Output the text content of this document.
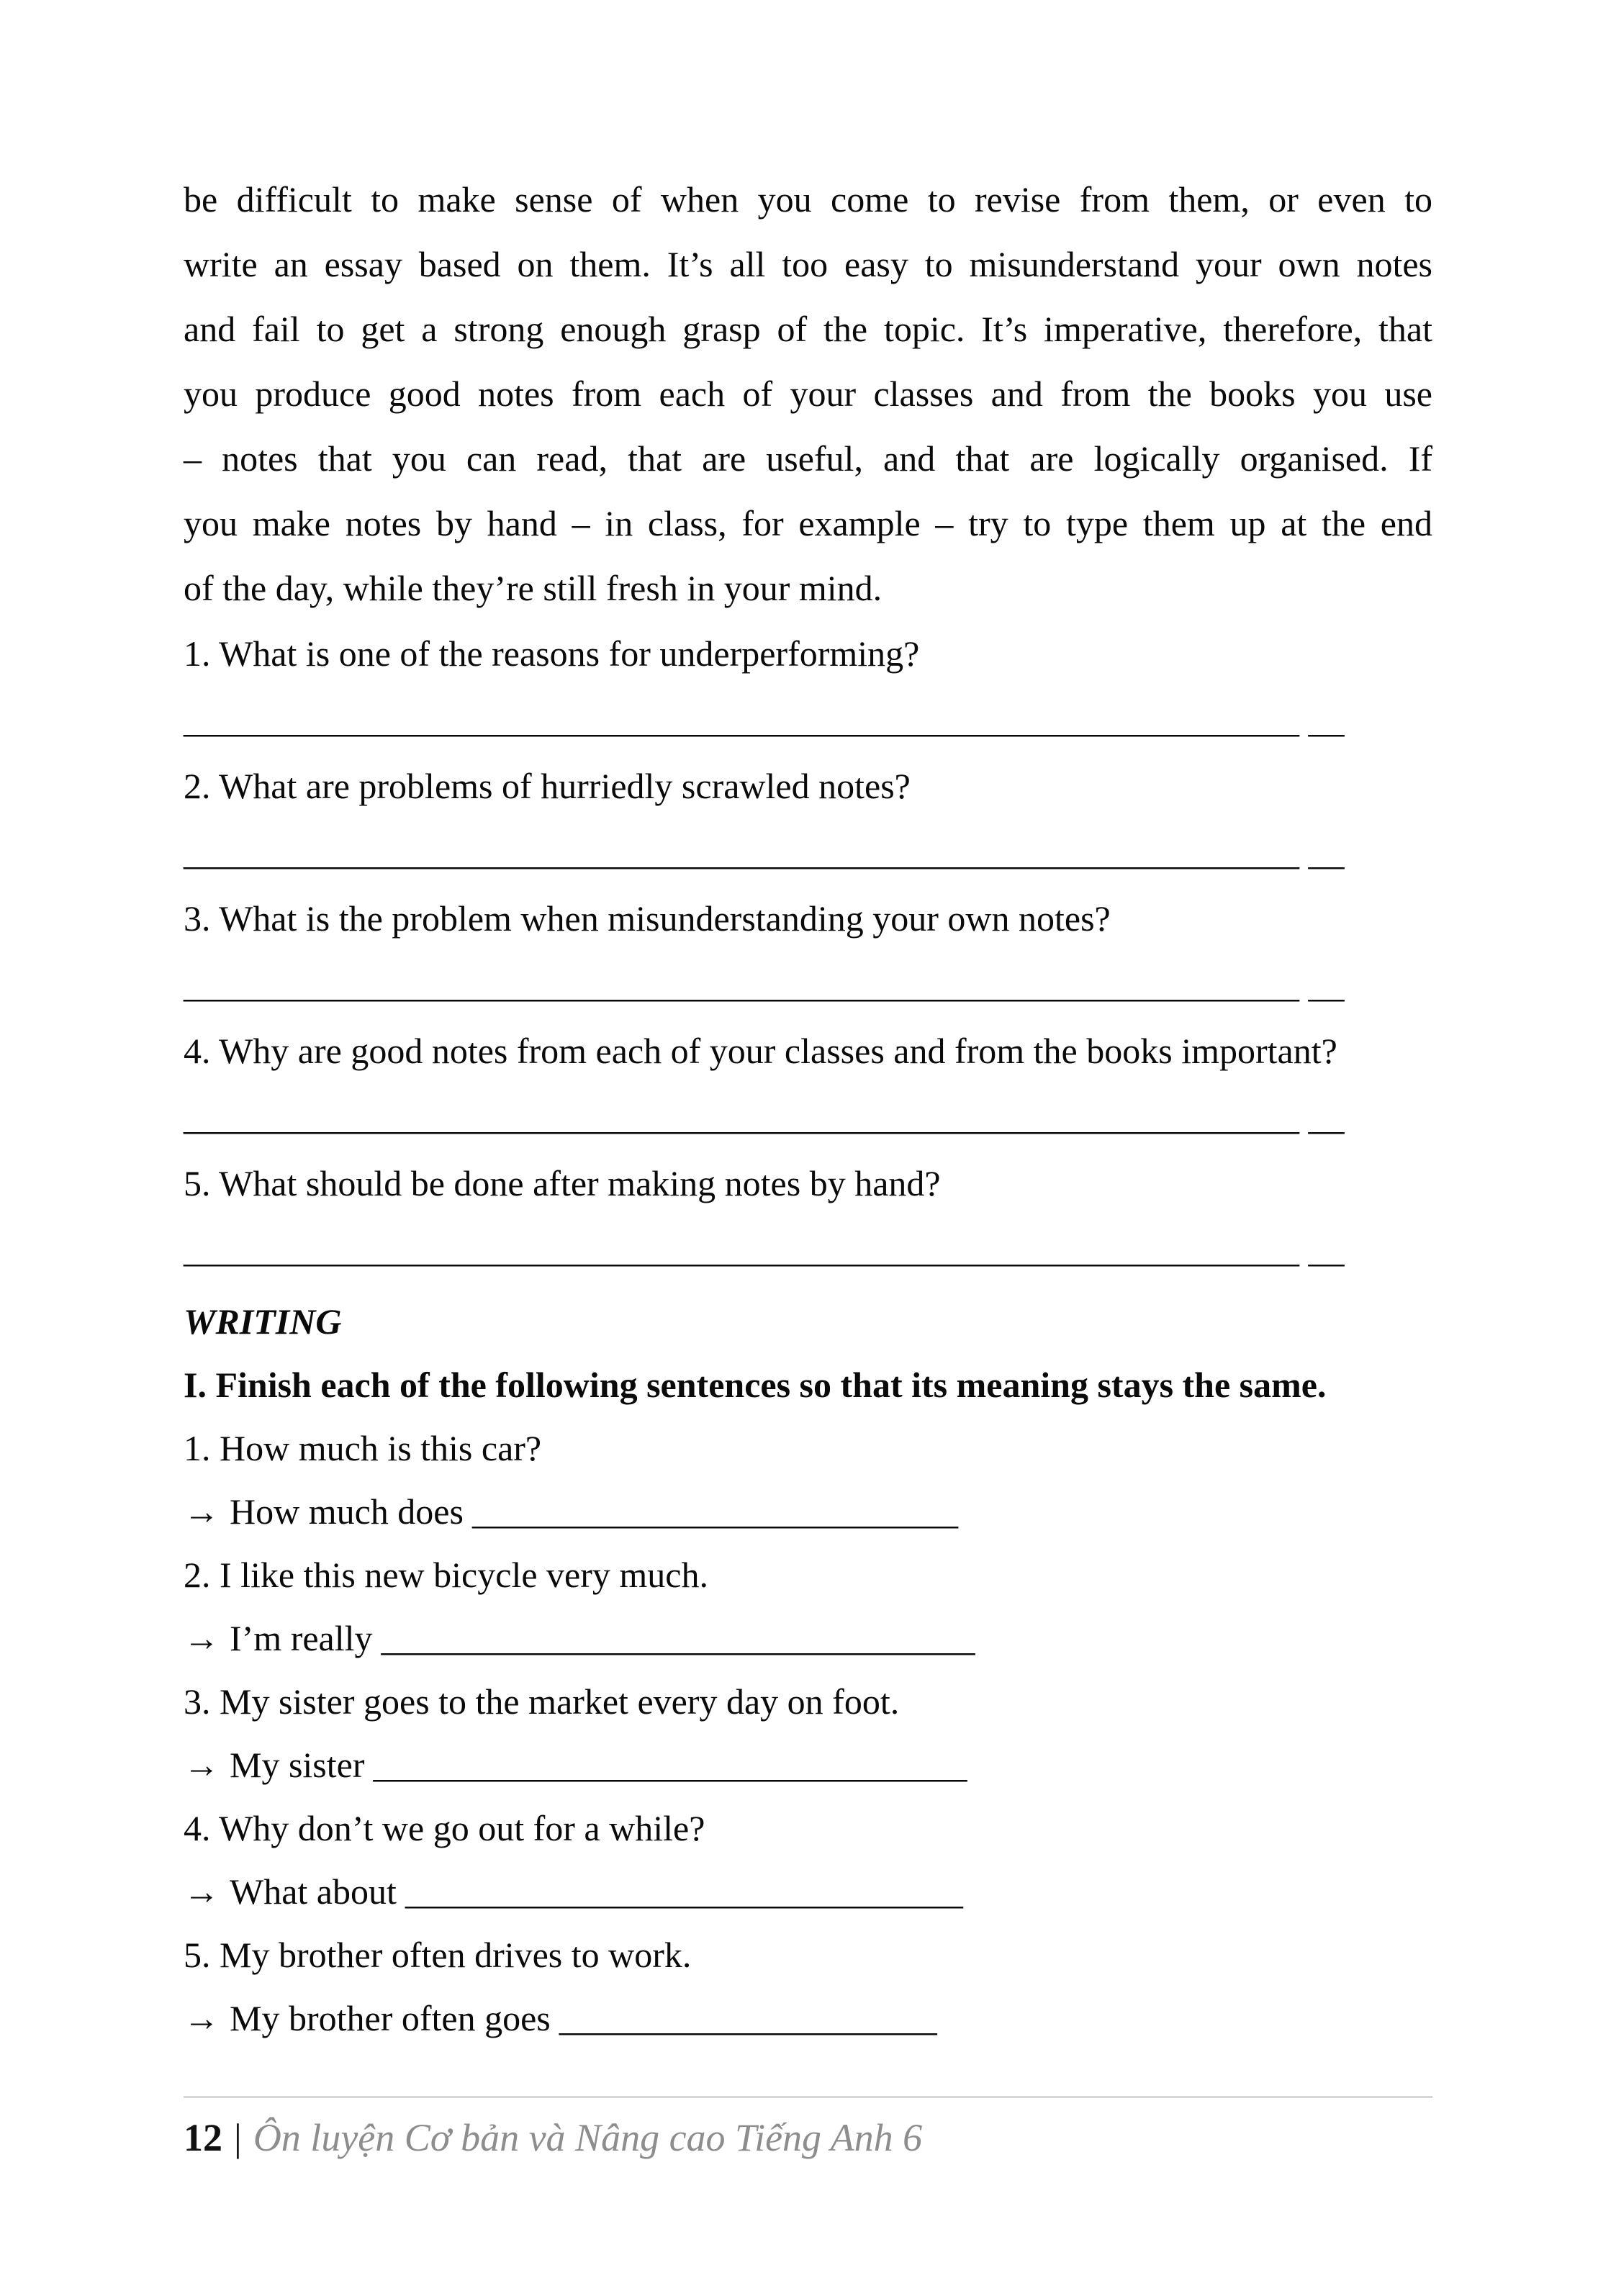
be difficult to make sense of when you come to revise from them, or even to
write an essay based on them. It’s all too easy to misunderstand your own notes
and fail to get a strong enough grasp of the topic. It’s imperative, therefore, that
you produce good notes from each of your classes and from the books you use
– notes that you can read, that are useful, and that are logically organised. If
you make notes by hand – in class, for example – try to type them up at the end
of the day, while they’re still fresh in your mind.
1. What is one of the reasons for underperforming?
______________________________________________________________ __
2. What are problems of hurriedly scrawled notes?
______________________________________________________________ __
3. What is the problem when misunderstanding your own notes?
______________________________________________________________ __
4. Why are good notes from each of your classes and from the books important?
______________________________________________________________ __
5. What should be done after making notes by hand?
______________________________________________________________ __
WRITING
I. Finish each of the following sentences so that its meaning stays the same.
1. How much is this car?
→ How much does ___________________________
2. I like this new bicycle very much.
→ I’m really _________________________________
3. My sister goes to the market every day on foot.
→ My sister _________________________________
4. Why don’t we go out for a while?
→ What about _______________________________
5. My brother often drives to work.
→ My brother often goes _____________________
12 | Ôn luyện Cơ bản và Nâng cao Tiếng Anh 6
